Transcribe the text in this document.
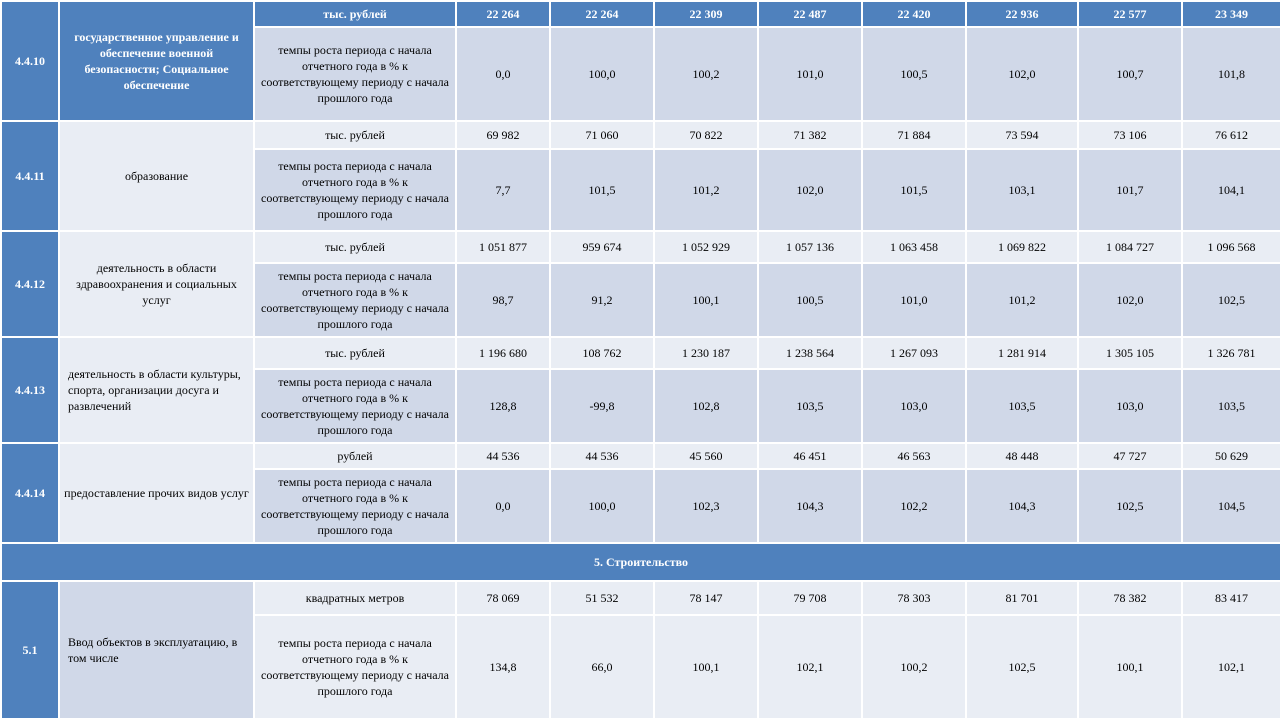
4.4.10	государственное управление и обеспечение военной безопасности; Социальное обеспечение	тыс. рублей	22 264	22 264	22 309	22 487	22 420	22 936	22 577	23 349
		темпы роста периода с начала отчетного года в % к соответствующему периоду с начала прошлого года	0,0	100,0	100,2	101,0	100,5	102,0	100,7	101,8
4.4.11	образование	тыс. рублей	69 982	71 060	70 822	71 382	71 884	73 594	73 106	76 612
		темпы роста периода с начала отчетного года в % к соответствующему периоду с начала прошлого года	7,7	101,5	101,2	102,0	101,5	103,1	101,7	104,1
4.4.12	деятельность в области здравоохранения и социальных услуг	тыс. рублей	1 051 877	959 674	1 052 929	1 057 136	1 063 458	1 069 822	1 084 727	1 096 568
		темпы роста периода с начала отчетного года в % к соответствующему периоду с начала прошлого года	98,7	91,2	100,1	100,5	101,0	101,2	102,0	102,5
4.4.13	деятельность в области культуры, спорта, организации досуга и развлечений	тыс. рублей	1 196 680	108 762	1 230 187	1 238 564	1 267 093	1 281 914	1 305 105	1 326 781
		темпы роста периода с начала отчетного года в % к соответствующему периоду с начала прошлого года	128,8	-99,8	102,8	103,5	103,0	103,5	103,0	103,5
4.4.14	предоставление прочих видов услуг	рублей	44 536	44 536	45 560	46 451	46 563	48 448	47 727	50 629
		темпы роста периода с начала отчетного года в % к соответствующему периоду с начала прошлого года	0,0	100,0	102,3	104,3	102,2	104,3	102,5	104,5
5. Строительство										
5.1	Ввод объектов в эксплуатацию, в том числе	квадратных метров	78 069	51 532	78 147	79 708	78 303	81 701	78 382	83 417
		темпы роста периода с начала отчетного года в % к соответствующему периоду с начала прошлого года	134,8	66,0	100,1	102,1	100,2	102,5	100,1	102,1
